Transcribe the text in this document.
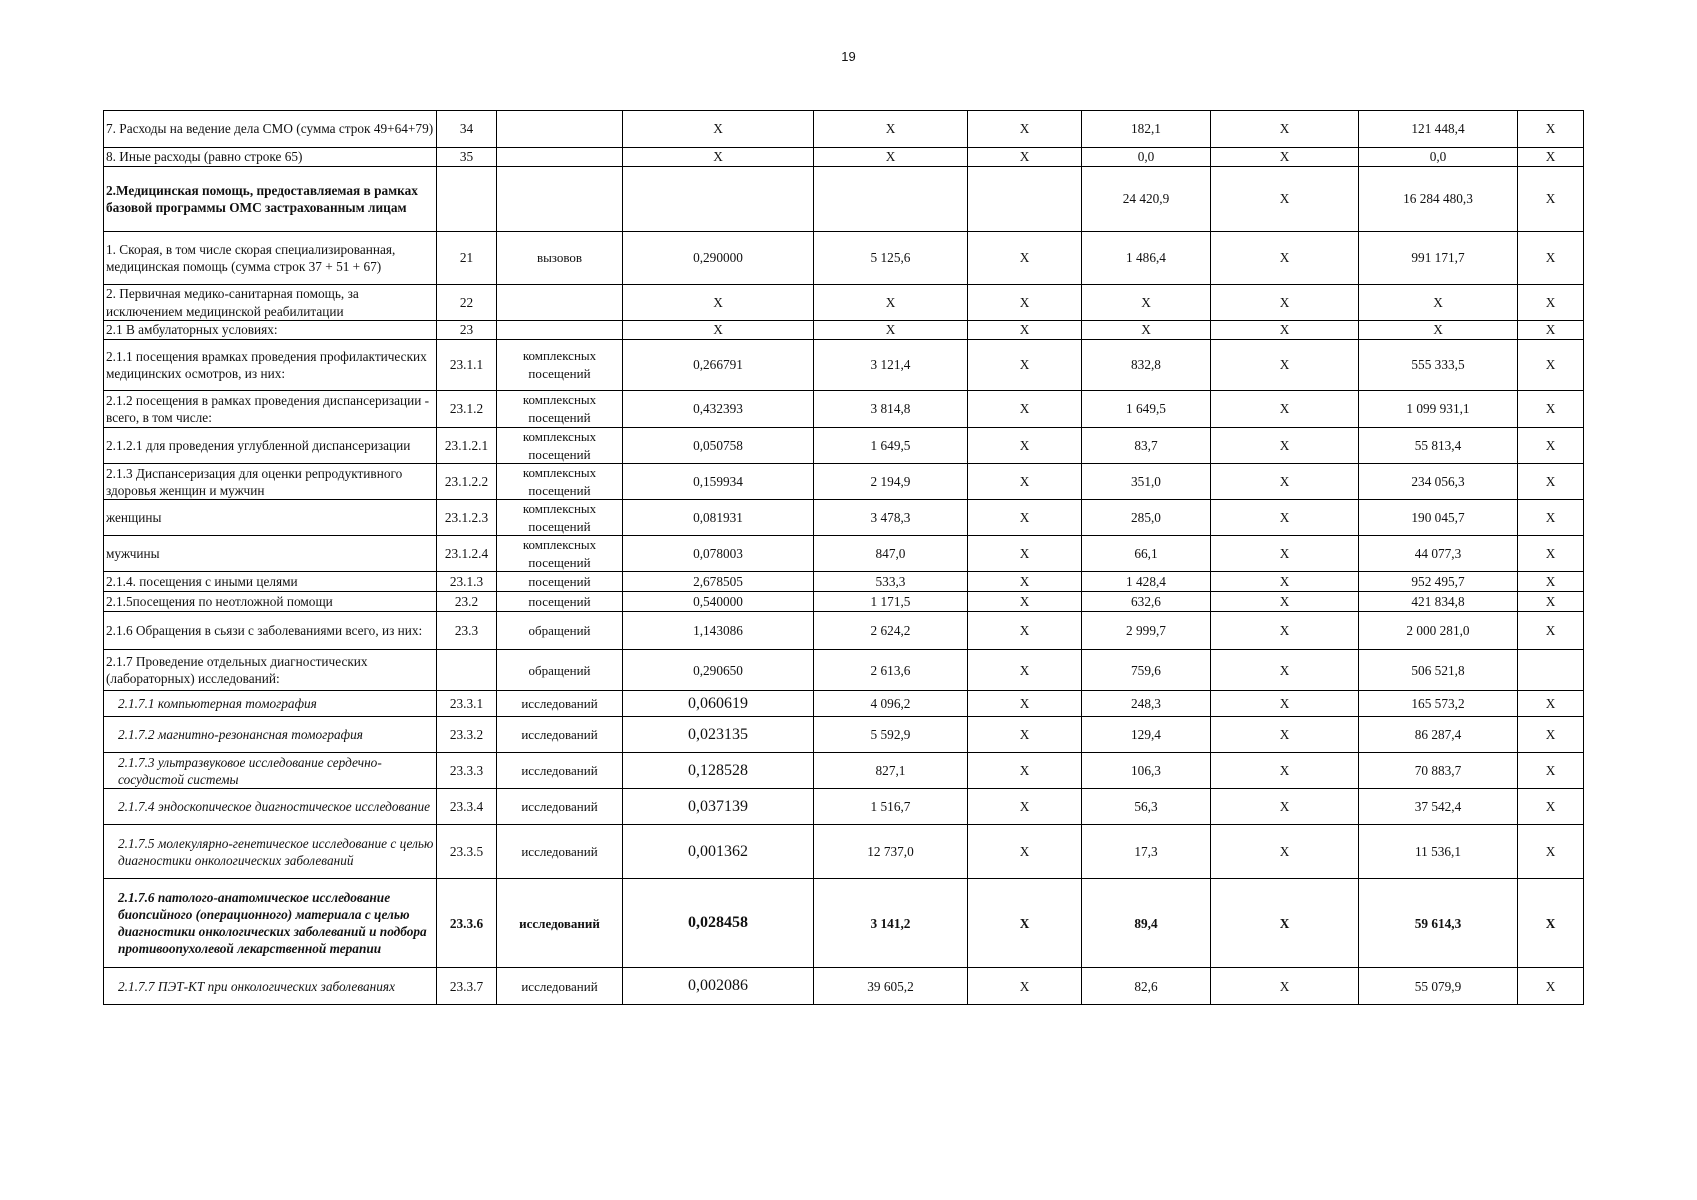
19
7. Расходы на ведение дела СМО (сумма строк 49+64+79)	34		X	X	X	182,1	X	121 448,4	X
8. Иные расходы (равно строке 65)	35		X	X	X	0,0	X	0,0	X
2.Медицинская помощь, предоставляемая в рамках базовой программы ОМС застрахованным лицам						24 420,9	X	16 284 480,3	X
1. Скорая, в том числе скорая специализированная, медицинская помощь (сумма строк 37 + 51 + 67)	21	вызовов	0,290000	5 125,6	X	1 486,4	X	991 171,7	X
2. Первичная медико-санитарная помощь, за исключением медицинской реабилитации	22		X	X	X	X	X	X	X
2.1 В амбулаторных условиях:	23		X	X	X	X	X	X	X
2.1.1 посещения врамках проведения профилактических медицинских осмотров, из них:	23.1.1	комплексных посещений	0,266791	3 121,4	X	832,8	X	555 333,5	X
2.1.2 посещения в рамках проведения диспансеризации - всего, в том числе:	23.1.2	комплексных посещений	0,432393	3 814,8	X	1 649,5	X	1 099 931,1	X
2.1.2.1 для проведения углубленной диспансеризации	23.1.2.1	комплексных посещений	0,050758	1 649,5	X	83,7	X	55 813,4	X
2.1.3 Диспансеризация для оценки репродуктивного здоровья женщин и мужчин	23.1.2.2	комплексных посещений	0,159934	2 194,9	X	351,0	X	234 056,3	X
женщины	23.1.2.3	комплексных посещений	0,081931	3 478,3	X	285,0	X	190 045,7	X
мужчины	23.1.2.4	комплексных посещений	0,078003	847,0	X	66,1	X	44 077,3	X
2.1.4. посещения с иными целями	23.1.3	посещений	2,678505	533,3	X	1 428,4	X	952 495,7	X
2.1.5посещения по неотложной помощи	23.2	посещений	0,540000	1 171,5	X	632,6	X	421 834,8	X
2.1.6 Обращения в сьязи с заболеваниями всего, из них:	23.3	обращений	1,143086	2 624,2	X	2 999,7	X	2 000 281,0	X
2.1.7 Проведение отдельных диагностических (лабораторных) исследований:		обращений	0,290650	2 613,6	X	759,6	X	506 521,8	
2.1.7.1 компьютерная томография	23.3.1	исследований	0,060619	4 096,2	X	248,3	X	165 573,2	X
2.1.7.2 магнитно-резонансная томография	23.3.2	исследований	0,023135	5 592,9	X	129,4	X	86 287,4	X
2.1.7.3 ультразвуковое исследование сердечно-сосудистой системы	23.3.3	исследований	0,128528	827,1	X	106,3	X	70 883,7	X
2.1.7.4 эндоскопическое диагностическое исследование	23.3.4	исследований	0,037139	1 516,7	X	56,3	X	37 542,4	X
2.1.7.5 молекулярно-генетическое исследование с целью диагностики онкологических заболеваний	23.3.5	исследований	0,001362	12 737,0	X	17,3	X	11 536,1	X
2.1.7.6 патолого-анатомическое исследование биопсийного (операционного) материала с целью диагностики онкологических заболеваний и подбора противоопухолевой лекарственной терапии	23.3.6	исследований	0,028458	3 141,2	X	89,4	X	59 614,3	X
2.1.7.7 ПЭТ-КТ при онкологических заболеваниях	23.3.7	исследований	0,002086	39 605,2	X	82,6	X	55 079,9	X
